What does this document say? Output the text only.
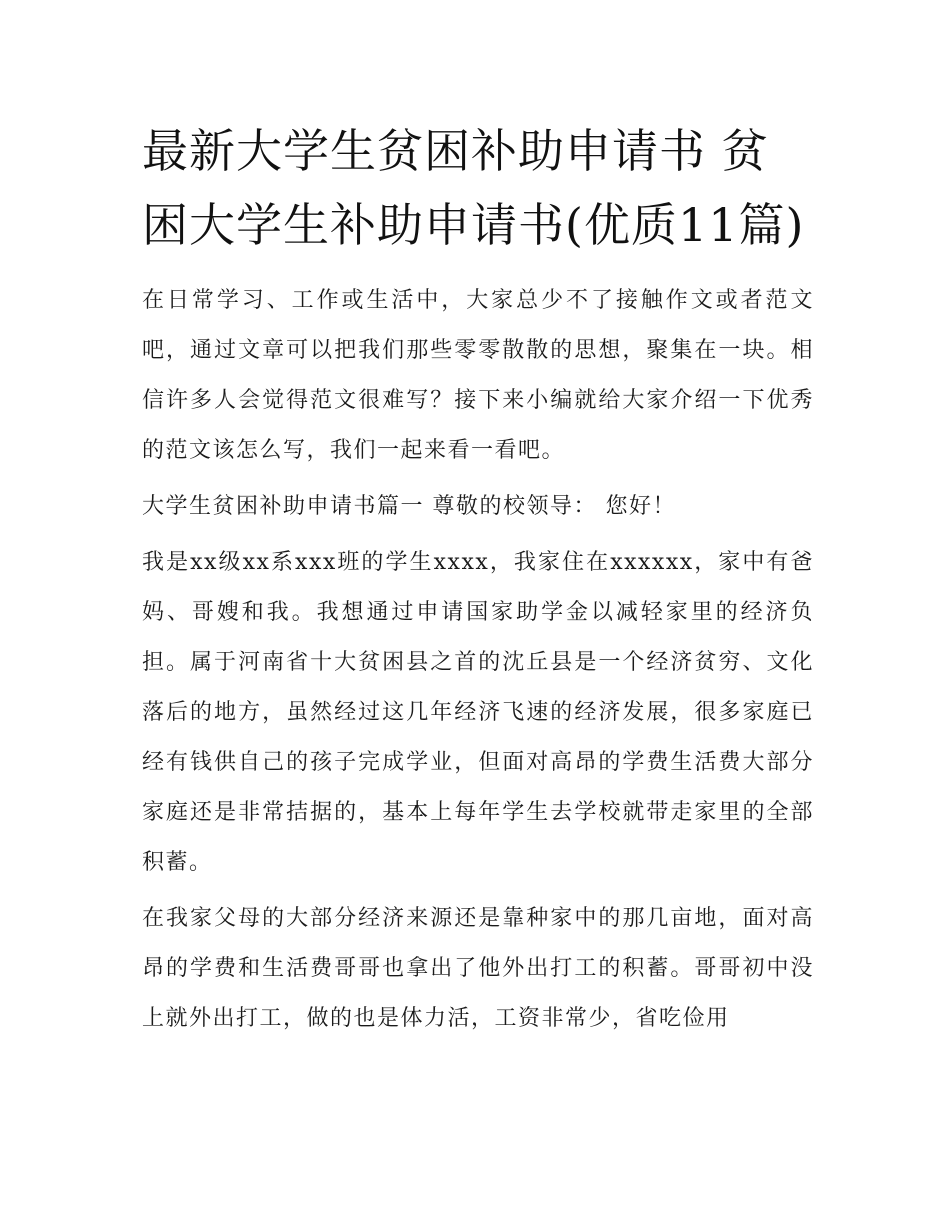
最新大学生贫困补助申请书 贫困大学生补助申请书(优质11篇)

在日常学习、工作或生活中，大家总少不了接触作文或者范文吧，通过文章可以把我们那些零零散散的思想，聚集在一块。相信许多人会觉得范文很难写？接下来小编就给大家介绍一下优秀的范文该怎么写，我们一起来看一看吧。

大学生贫困补助申请书篇一 尊敬的校领导： 您好！

我是xx级xx系xxx班的学生xxxx，我家住在xxxxxx，家中有爸妈、哥嫂和我。我想通过申请国家助学金以减轻家里的经济负担。属于河南省十大贫困县之首的沈丘县是一个经济贫穷、文化落后的地方，虽然经过这几年经济飞速的经济发展，很多家庭已经有钱供自己的孩子完成学业，但面对高昂的学费生活费大部分家庭还是非常拮据的，基本上每年学生去学校就带走家里的全部积蓄。

在我家父母的大部分经济来源还是靠种家中的那几亩地，面对高昂的学费和生活费哥哥也拿出了他外出打工的积蓄。哥哥初中没上就外出打工，做的也是体力活，工资非常少，省吃俭用
